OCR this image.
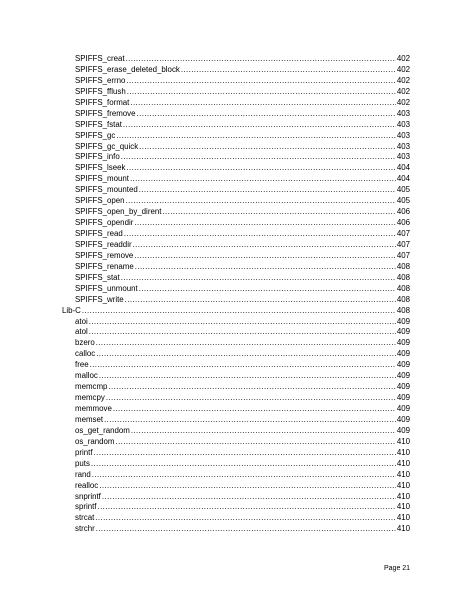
SPIFFS_creat .....	402
SPIFFS_erase_deleted_block .....	402
SPIFFS_errno .....	402
SPIFFS_fflush .....	402
SPIFFS_format .....	402
SPIFFS_fremove .....	403
SPIFFS_fstat .....	403
SPIFFS_gc .....	403
SPIFFS_gc_quick .....	403
SPIFFS_info .....	403
SPIFFS_lseek .....	404
SPIFFS_mount .....	404
SPIFFS_mounted .....	405
SPIFFS_open .....	405
SPIFFS_open_by_dirent .....	406
SPIFFS_opendir .....	406
SPIFFS_read .....	407
SPIFFS_readdir .....	407
SPIFFS_remove .....	407
SPIFFS_rename .....	408
SPIFFS_stat .....	408
SPIFFS_unmount .....	408
SPIFFS_write .....	408
Lib-C .....	408
atoi .....	409
atol .....	409
bzero .....	409
calloc .....	409
free .....	409
malloc .....	409
memcmp .....	409
memcpy .....	409
memmove .....	409
memset .....	409
os_get_random .....	409
os_random .....	410
printf .....	410
puts .....	410
rand .....	410
realloc .....	410
snprintf .....	410
sprintf .....	410
strcat .....	410
strchr .....	410
Page 21
